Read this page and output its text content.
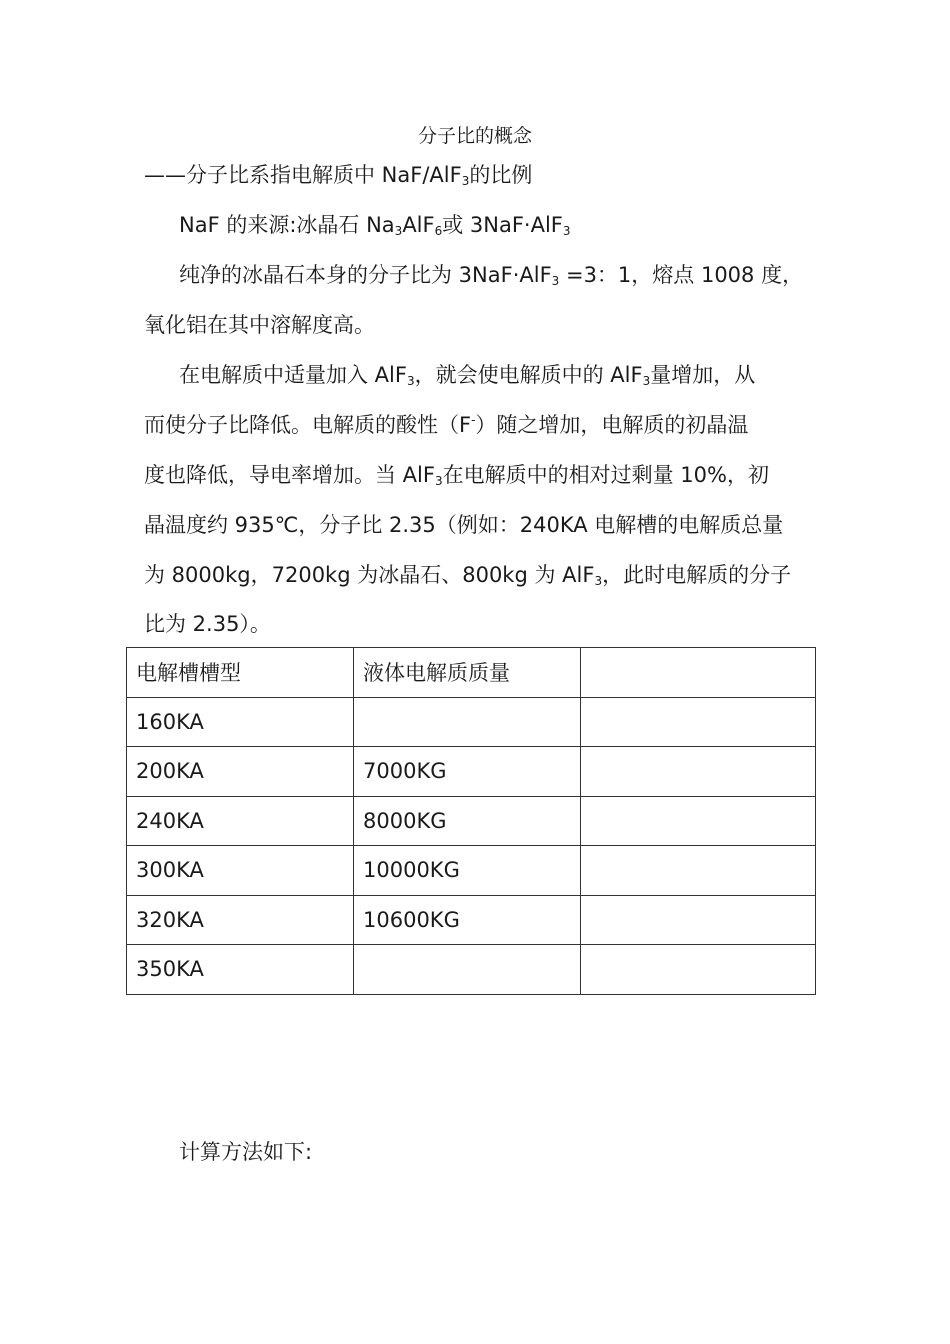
分子比的概念
——分子比系指电解质中 NaF/AlF$_3$的比例
NaF 的来源:冰晶石 $Na_3AlF_6$或 3NaF·AlF$_3$
纯净的冰晶石本身的分子比为 3NaF·AlF$_3$ =3：1，熔点 1008 度，
氧化铝在其中溶解度高。
在电解质中适量加入 AlF$_3$，就会使电解质中的 AlF$_3$量增加，从
而使分子比降低。电解质的酸性（F-）随之增加，电解质的初晶温
度也降低，导电率增加。当 AlF$_3$在电解质中的相对过剩量 10%，初
晶温度约 935℃，分子比 2.35（例如：240KA 电解槽的电解质总量
为 8000kg，7200kg 为冰晶石、800kg 为 AlF$_3$，此时电解质的分子
比为 2.35）。
电解槽槽型	液体电解质质量	
160KA		
200KA	7000KG	
240KA	8000KG	
300KA	10000KG	
320KA	10600KG	
350KA		
计算方法如下:
